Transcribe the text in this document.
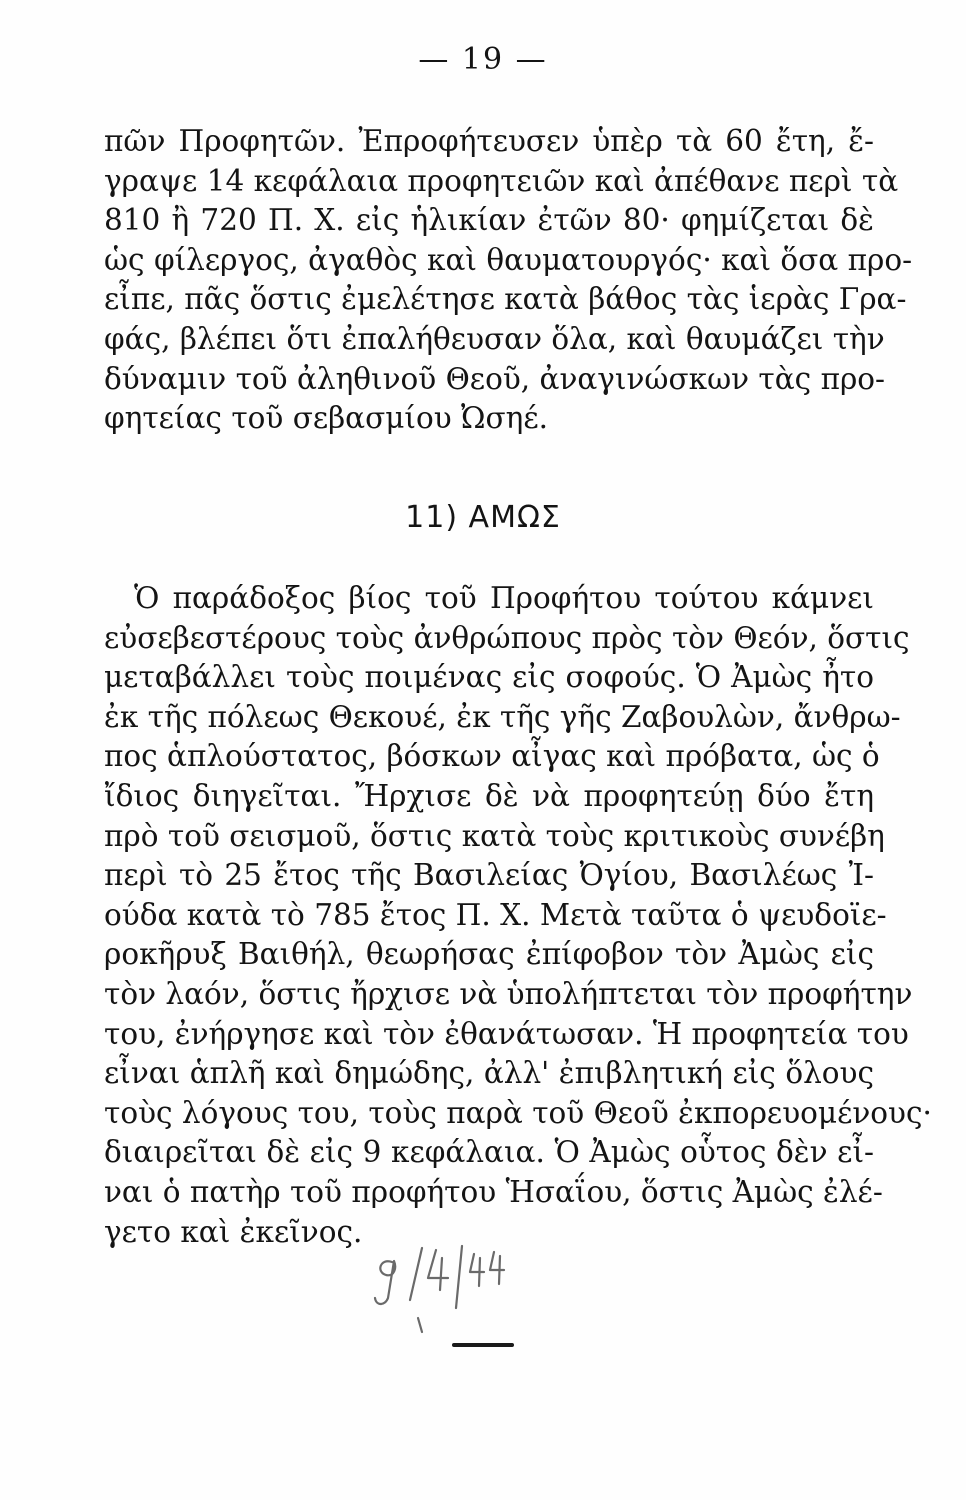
— 19 —
πῶν Προφητῶν. Ἐπροφήτευσεν ὑπὲρ τὰ 60 ἔτη, ἔ-
γραψε 14 κεφάλαια προφητειῶν καὶ ἀπέθανε περὶ τὰ
810 ἢ 720 Π. Χ. εἰς ἡλικίαν ἐτῶν 80· φημίζεται δὲ
ὡς φίλεργος, ἀγαθὸς καὶ θαυματουργός· καὶ ὅσα προ-
εἶπε, πᾶς ὅστις ἐμελέτησε κατὰ βάθος τὰς ἱερὰς Γρα-
φάς, βλέπει ὅτι ἐπαλήθευσαν ὅλα, καὶ θαυμάζει τὴν
δύναμιν τοῦ ἀληθινοῦ Θεοῦ, ἀναγινώσκων τὰς προ-
φητείας τοῦ σεβασμίου Ὠσηέ.
11) ΑΜΩΣ
Ὁ παράδοξος βίος τοῦ Προφήτου τούτου κάμνει
εὐσεβεστέρους τοὺς ἀνθρώπους πρὸς τὸν Θεόν, ὅστις
μεταβάλλει τοὺς ποιμένας εἰς σοφούς. Ὁ Ἀμὼς ἦτο
ἐκ τῆς πόλεως Θεκουέ, ἐκ τῆς γῆς Ζαβουλὼν, ἄνθρω-
πος ἁπλούστατος, βόσκων αἶγας καὶ πρόβατα, ὡς ὁ
ἴδιος διηγεῖται. Ἤρχισε δὲ νὰ προφητεύῃ δύο ἔτη
πρὸ τοῦ σεισμοῦ, ὅστις κατὰ τοὺς κριτικοὺς συνέβη
περὶ τὸ 25 ἔτος τῆς Βασιλείας Ὀγίου, Βασιλέως Ἰ-
ούδα κατὰ τὸ 785 ἔτος Π. Χ. Μετὰ ταῦτα ὁ ψευδοϊε-
ροκῆρυξ Βαιθήλ, θεωρήσας ἐπίφοβον τὸν Ἀμὼς εἰς
τὸν λαόν, ὅστις ἤρχισε νὰ ὑπολήπτεται τὸν προφήτην
του, ἐνήργησε καὶ τὸν ἐθανάτωσαν. Ἡ προφητεία του
εἶναι ἁπλῆ καὶ δημώδης, ἀλλ' ἐπιβλητική εἰς ὅλους
τοὺς λόγους του, τοὺς παρὰ τοῦ Θεοῦ ἐκπορευομένους·
διαιρεῖται δὲ εἰς 9 κεφάλαια. Ὁ Ἀμὼς οὗτος δὲν εἶ-
ναι ὁ πατὴρ τοῦ προφήτου Ἡσαΐου, ὅστις Ἀμὼς ἐλέ-
γετο καὶ ἐκεῖνος.
